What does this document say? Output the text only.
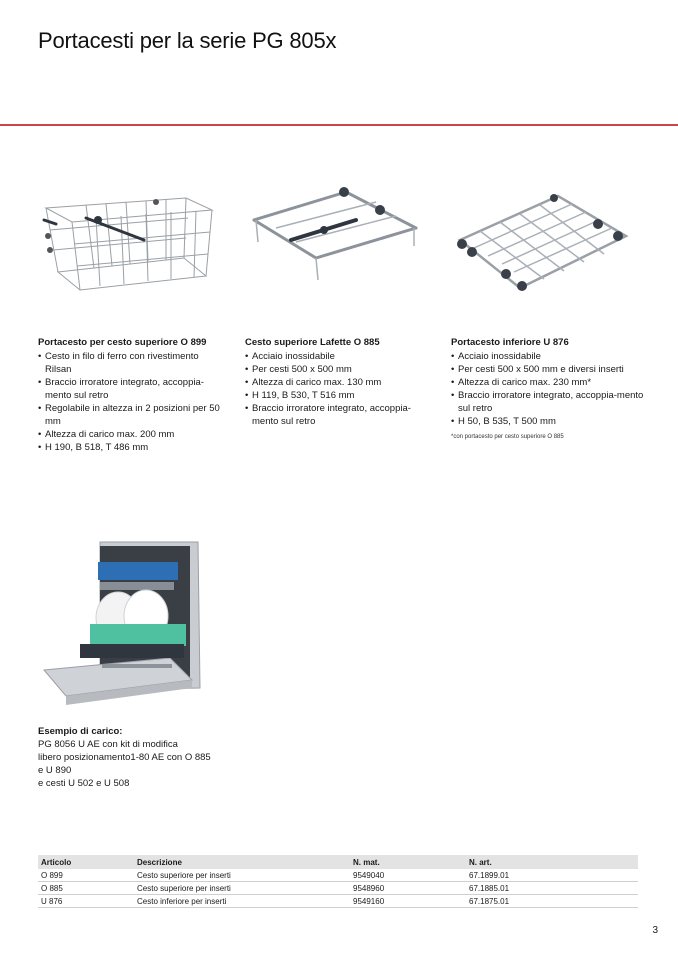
Portacesti per la serie PG 805x
Portacesto per cesto superiore O 899
• Cesto in filo di ferro con rivestimento Rilsan
• Braccio irroratore integrato, accoppia-mento sul retro
• Regolabile in altezza in 2 posizioni per 50 mm
• Altezza di carico max. 200 mm
• H 190, B 518, T 486 mm
Cesto superiore Lafette O 885
• Acciaio inossidabile
• Per cesti 500 x 500 mm
• Altezza di carico max. 130 mm
• H 119, B 530, T 516 mm
• Braccio irroratore integrato, accoppia-mento sul retro
Portacesto inferiore U 876
• Acciaio inossidabile
• Per cesti 500 x 500 mm e diversi inserti
• Altezza di carico max. 230 mm*
• Braccio irroratore integrato, accoppia-mento sul retro
• H 50, B 535, T 500 mm
*con portacesto per cesto superiore O 885
Esempio di carico:

PG 8056 U AE con kit di modifica
libero posizionamento1-80 AE con O 885
e U 890
e cesti U 502 e U 508

Articolo	Descrizione	N. mat.	N. art.
O 899	Cesto superiore per inserti	9549040	67.1899.01
O 885	Cesto superiore per inserti	9548960	67.1885.01
U 876	Cesto inferiore per inserti	9549160	67.1875.01
3
